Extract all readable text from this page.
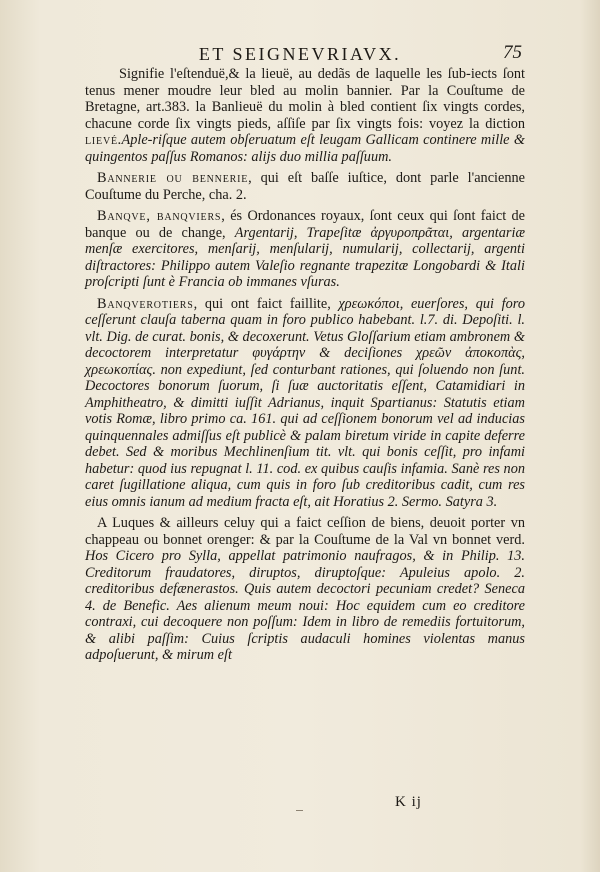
ET SEIGNEVRIAVX.	75

Signifie l'eſtenduë,& la lieuë, au dedãs de laquelle les ſub-iects ſont tenus mener moudre leur bled au molin bannier. Par la Couſtume de Bretagne, art.383. la Banlieuë du molin à bled contient ſix vingts cordes, chacune corde ſix vingts pieds, aſſiſe par ſix vingts fois: voyez la diction lievé.Aple-riſque autem obſeruatum eſt leugam Gallicam continere mille & quingentos paſſus Romanos: alijs duo millia paſſuum.

Bannerie ou bennerie, qui eſt baſſe iuſtice, dont parle l'ancienne Couſtume du Perche, cha. 2.

Banqve, banqviers, és Ordonances royaux, ſont ceux qui ſont faict de banque ou de change, Argentarij, Trapeſitæ ἀργυροπρᾶται, argentariæ menſæ exercitores, menſarij, menſularij, numularij, collectarij, argenti diſtractores: Philippo autem Valeſio regnante trapezitæ Longobardi & Itali proſcripti ſunt è Francia ob immanes vſuras.

Banqverotiers, qui ont faict faillite, χρεωκόποι, euerſores, qui foro ceſſerunt clauſa taberna quam in foro publico habebant. l.7. di. Depoſiti. l. vlt. Dig. de curat. bonis, & decoxerunt. Vetus Gloſſarium etiam ambronem & decoctorem interpretatur φυγάρτην & deciſiones χρεῶν ἀποκοπὰς, χρεωκοπίας. non expediunt, ſed conturbant rationes, qui ſoluendo non ſunt. Decoctores bonorum ſuorum, ſi ſuæ auctoritatis eſſent, Catamidiari in Amphitheatro, & dimitti iuſſit Adrianus, inquit Spartianus: Statutis etiam votis Romæ, libro primo ca. 161. qui ad ceſſionem bonorum vel ad inducias quinquennales admiſſus eſt publicè & palam biretum viride in capite deferre debet. Sed & moribus Mechlinenſium tit. vlt. qui bonis ceſſit, pro infami habetur: quod ius repugnat l. 11. cod. ex quibus cauſis infamia. Sanè res non caret ſugillatione aliqua, cum quis in foro ſub creditoribus cadit, cum res eius omnis ianum ad medium fracta eſt, ait Horatius 2. Sermo. Satyra 3.

A Luques & ailleurs celuy qui a faict ceſſion de biens, deuoit porter vn chappeau ou bonnet orenger: & par la Couſtume de la Val vn bonnet verd. Hos Cicero pro Sylla, appellat patrimonio naufragos, & in Philip. 13. Creditorum fraudatores, diruptos, diruptoſque: Apuleius apolo. 2. creditoribus defænerastos. Quis autem decoctori pecuniam credet? Seneca 4. de Benefic. Aes alienum meum noui: Hoc equidem cum eo creditore contraxi, cui decoquere non poſſum: Idem in libro de remediis fortuitorum, & alibi paſſim: Cuius ſcriptis audaculi homines violentas manus adpoſuerunt, & mirum eſt

K ij
